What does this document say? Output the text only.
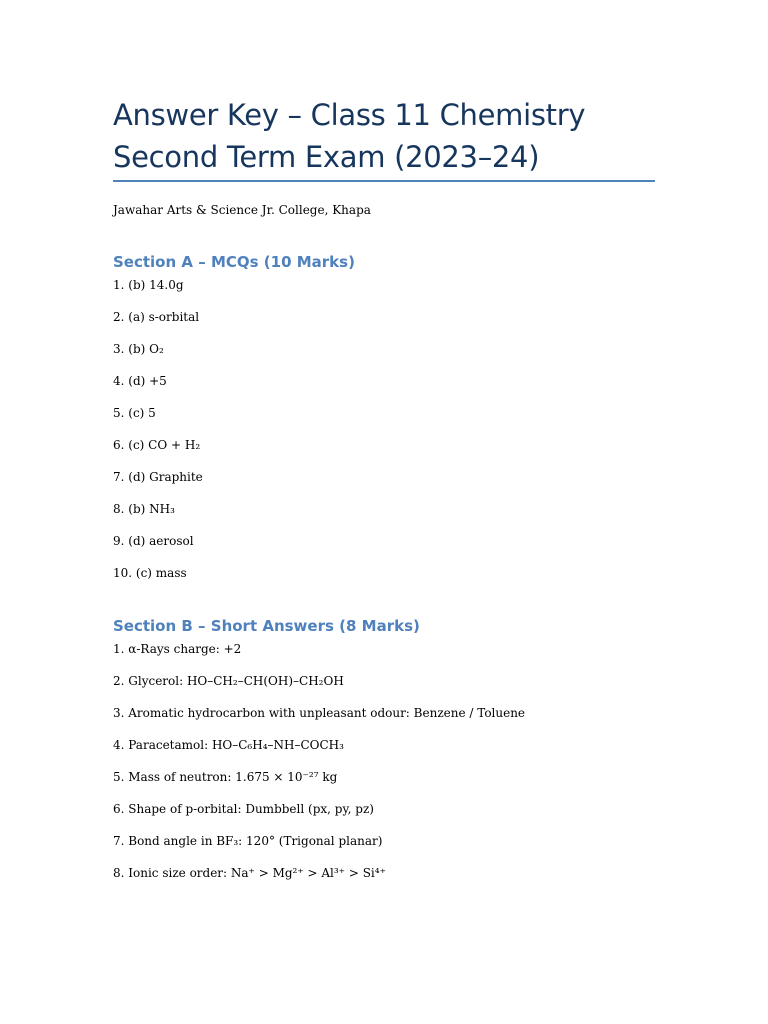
Answer Key – Class 11 Chemistry
Second Term Exam (2023–24)
Jawahar Arts & Science Jr. College, Khapa
Section A – MCQs (10 Marks)
1. (b) 14.0g
2. (a) s-orbital
3. (b) O₂
4. (d) +5
5. (c) 5
6. (c) CO + H₂
7. (d) Graphite
8. (b) NH₃
9. (d) aerosol
10. (c) mass
Section B – Short Answers (8 Marks)
1. α-Rays charge: +2
2. Glycerol: HO–CH₂–CH(OH)–CH₂OH
3. Aromatic hydrocarbon with unpleasant odour: Benzene / Toluene
4. Paracetamol: HO–C₆H₄–NH–COCH₃
5. Mass of neutron: 1.675 × 10⁻²⁷ kg
6. Shape of p-orbital: Dumbbell (px, py, pz)
7. Bond angle in BF₃: 120° (Trigonal planar)
8. Ionic size order: Na⁺ > Mg²⁺ > Al³⁺ > Si⁴⁺
